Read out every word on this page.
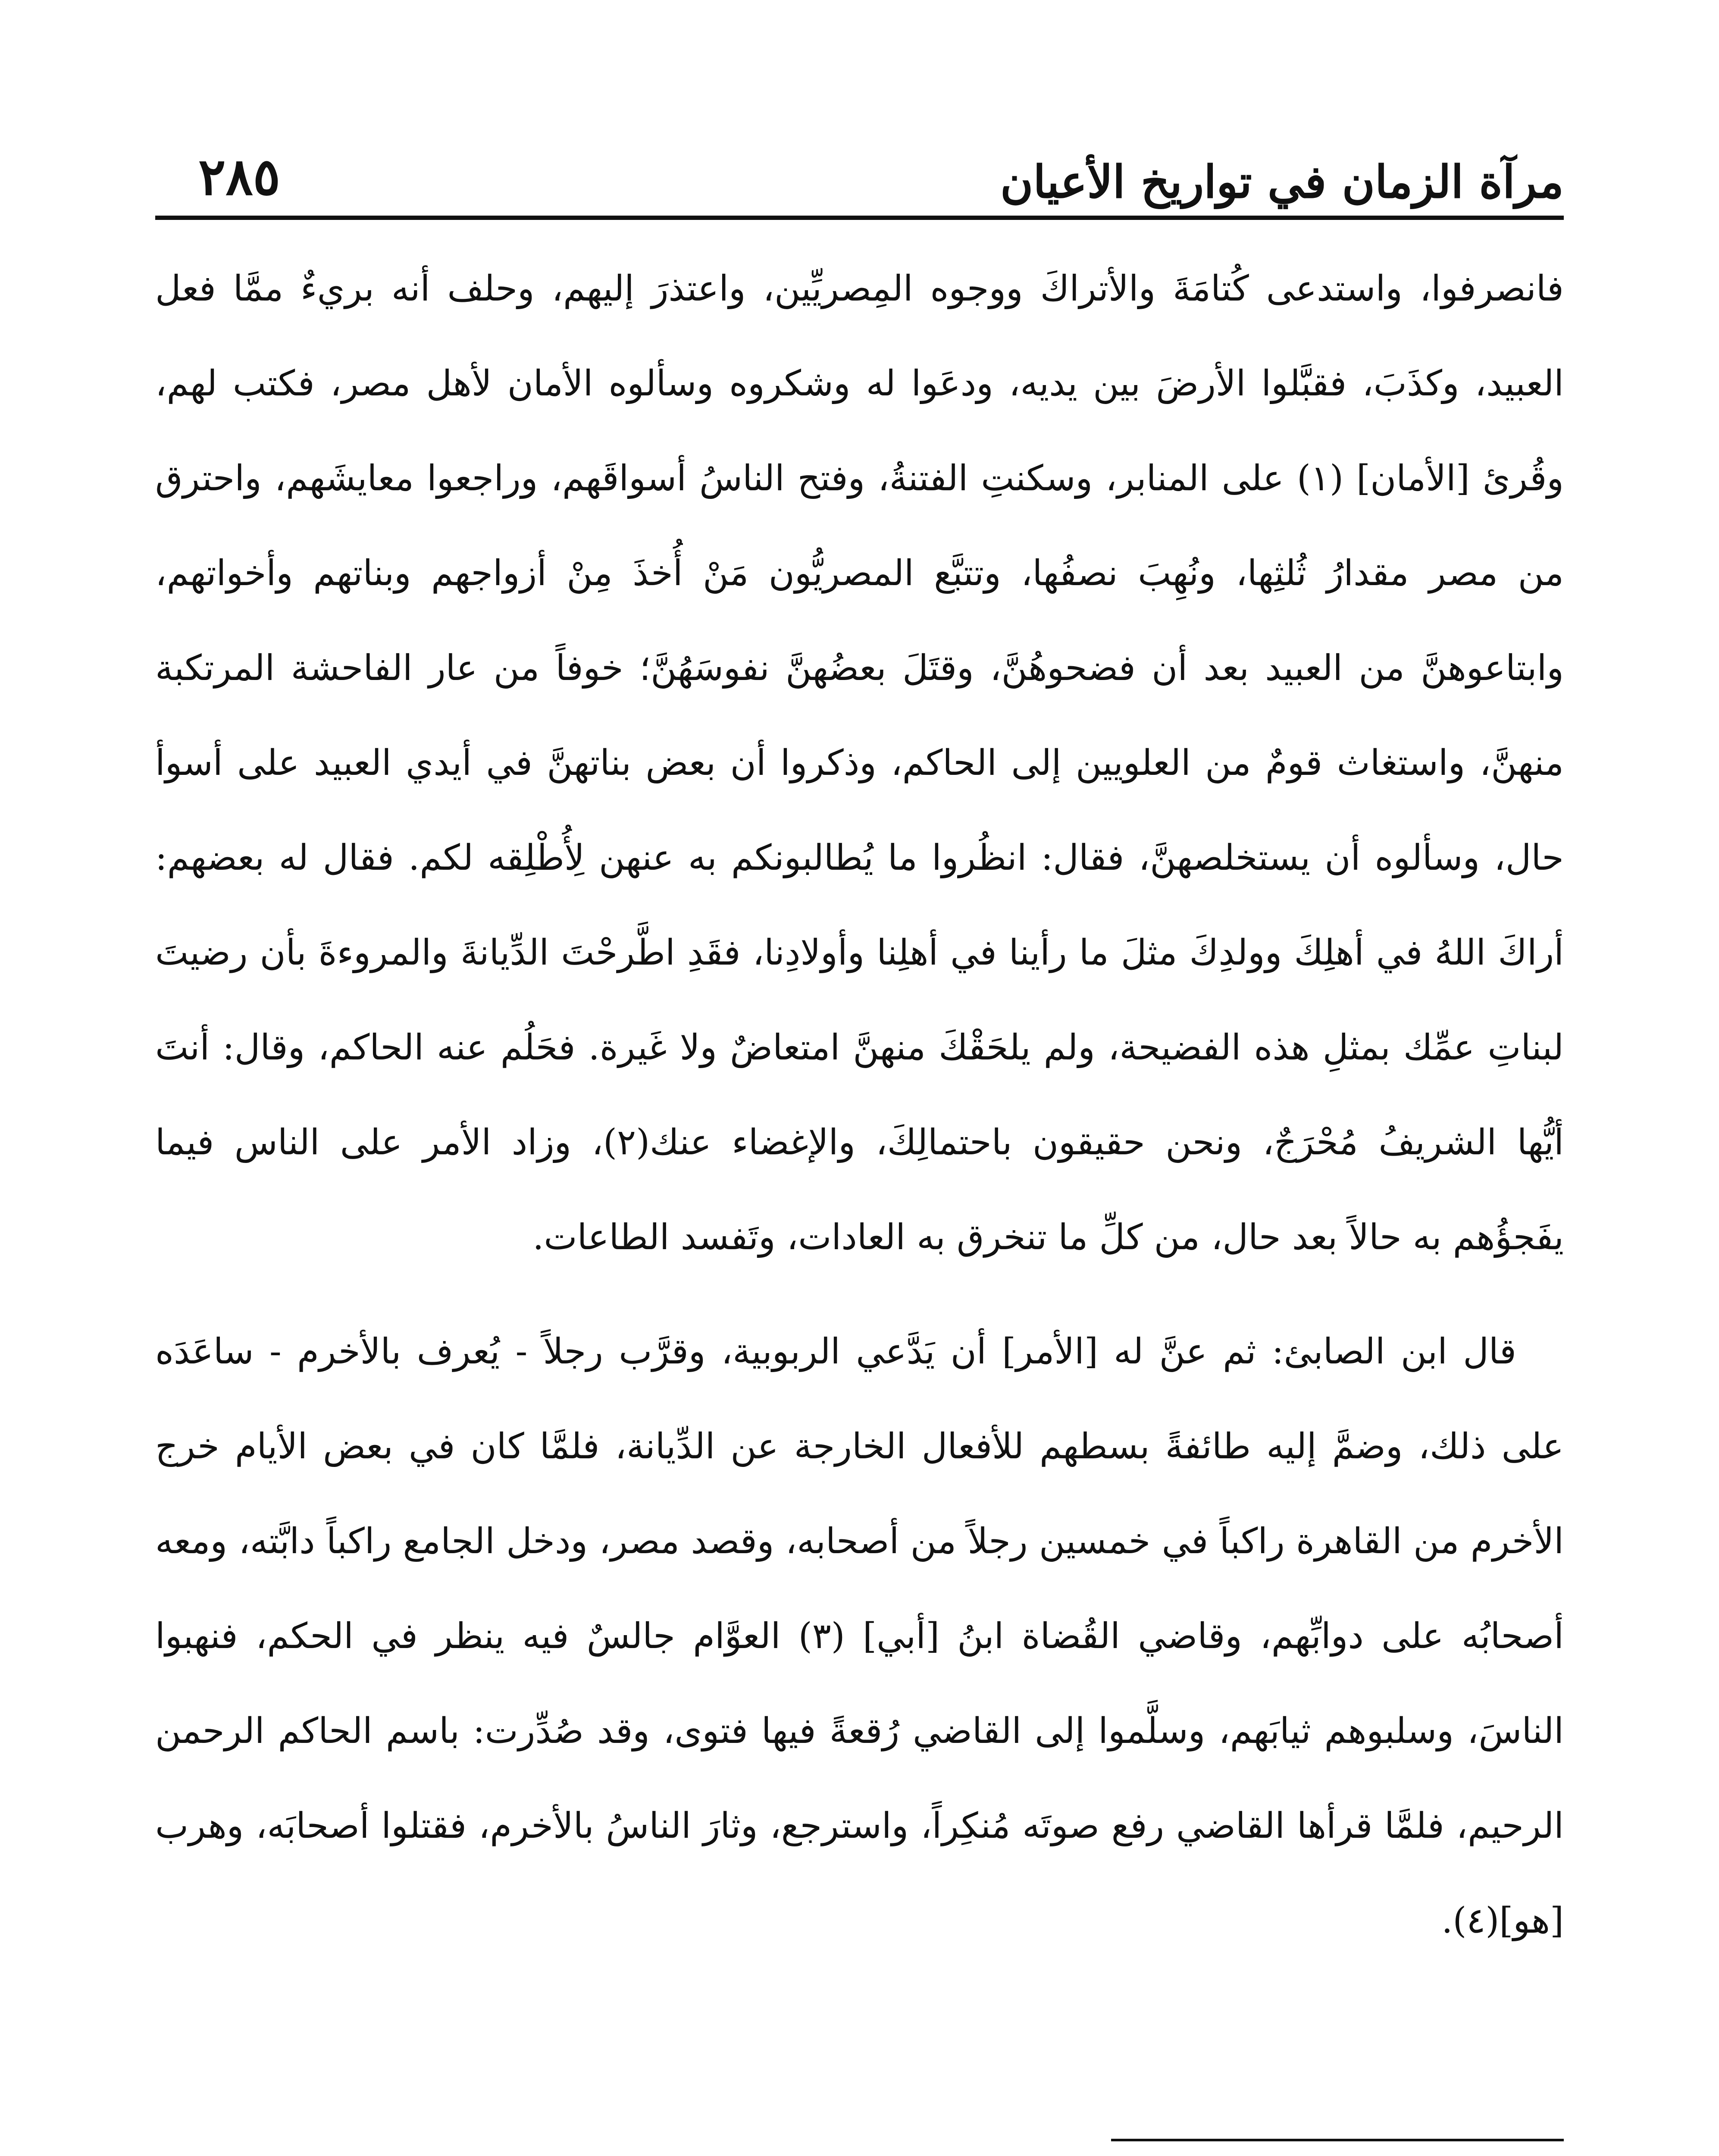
مرآة الزمان في تواريخ الأعيان
٢٨٥

فانصرفوا، واستدعى كُتامَةَ والأتراكَ ووجوه المِصريِّين، واعتذرَ إليهم، وحلف أنه بريءٌ ممَّا فعل العبيد، وكذَبَ، فقبَّلوا الأرضَ بين يديه، ودعَوا له وشكروه وسألوه الأمان لأهل مصر، فكتب لهم، وقُرئ [الأمان] (١) على المنابر، وسكنتِ الفتنةُ، وفتح الناسُ أسواقَهم، وراجعوا معايشَهم، واحترق من مصر مقدارُ ثُلثِها، ونُهِبَ نصفُها، وتتبَّع المصريُّون مَنْ أُخذَ مِنْ أزواجهم وبناتهم وأخواتهم، وابتاعوهنَّ من العبيد بعد أن فضحوهُنَّ، وقتَلَ بعضُهنَّ نفوسَهُنَّ؛ خوفاً من عار الفاحشة المرتكبة منهنَّ، واستغاث قومٌ من العلويين إلى الحاكم، وذكروا أن بعض بناتهنَّ في أيدي العبيد على أسوأ حال، وسألوه أن يستخلصهنَّ، فقال: انظُروا ما يُطالبونكم به عنهن لِأُطْلِقه لكم. فقال له بعضهم: أراكَ اللهُ في أهلِكَ وولدِكَ مثلَ ما رأينا في أهلِنا وأولادِنا، فقَدِ اطَّرحْتَ الدِّيانةَ والمروءةَ بأن رضيتَ لبناتِ عمِّك بمثلِ هذه الفضيحة، ولم يلحَقْكَ منهنَّ امتعاضٌ ولا غَيرة. فحَلُم عنه الحاكم، وقال: أنتَ أيُّها الشريفُ مُحْرَجٌ، ونحن حقيقون باحتمالِكَ، والإغضاء عنك(٢)، وزاد الأمر على الناس فيما يفَجؤُهم به حالاً بعد حال، من كلِّ ما تنخرق به العادات، وتَفسد الطاعات.

قال ابن الصابئ: ثم عنَّ له [الأمر] أن يَدَّعي الربوبية، وقرَّب رجلاً - يُعرف بالأخرم - ساعَدَه على ذلك، وضمَّ إليه طائفةً بسطهم للأفعال الخارجة عن الدِّيانة، فلمَّا كان في بعض الأيام خرج الأخرم من القاهرة راكباً في خمسين رجلاً من أصحابه، وقصد مصر، ودخل الجامع راكباً دابَّته، ومعه أصحابُه على دوابِّهم، وقاضي القُضاة ابنُ [أبي] (٣) العوَّام جالسٌ فيه ينظر في الحكم، فنهبوا الناسَ، وسلبوهم ثيابَهم، وسلَّموا إلى القاضي رُقعةً فيها فتوى، وقد صُدِّرت: باسم الحاكم الرحمن الرحيم، فلمَّا قرأها القاضي رفع صوتَه مُنكِراً، واسترجع، وثارَ الناسُ بالأخرم، فقتلوا أصحابَه، وهرب [هو](٤).
